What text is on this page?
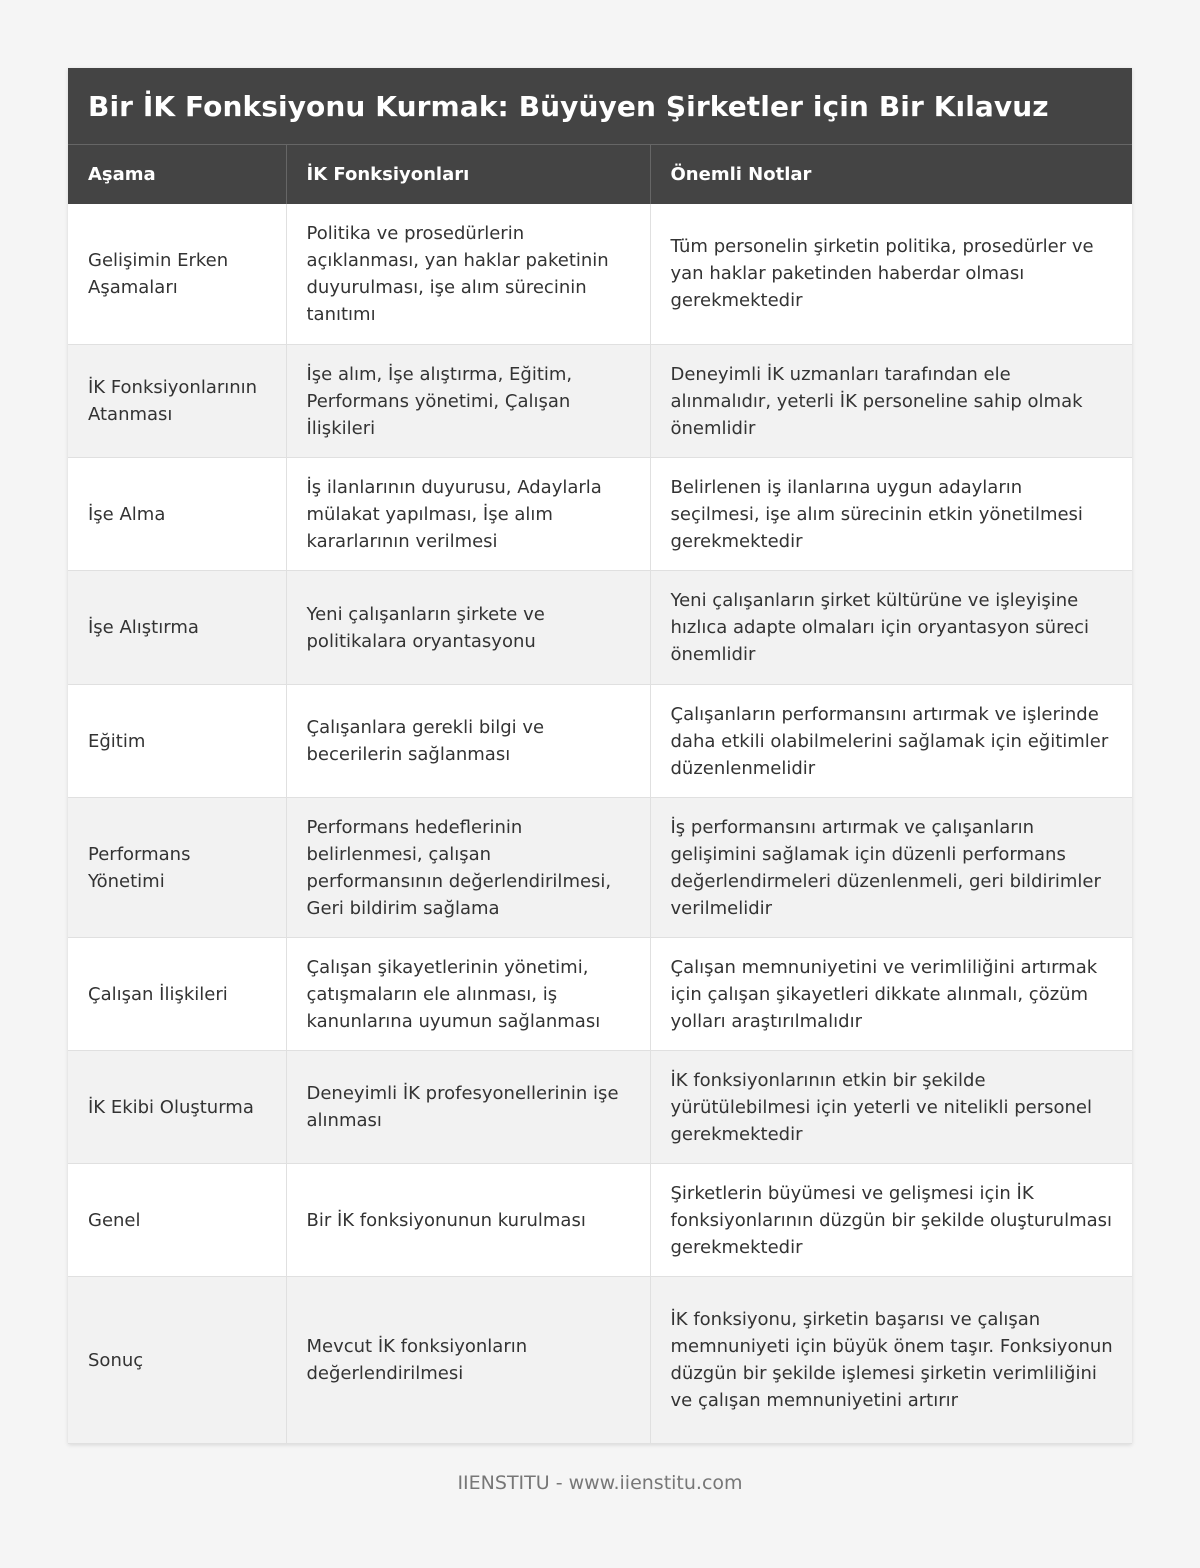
Bir İK Fonksiyonu Kurmak: Büyüyen Şirketler için Bir Kılavuz
Aşama	İK Fonksiyonları	Önemli Notlar
Gelişimin Erken Aşamaları	Politika ve prosedürlerin açıklanması, yan haklar paketinin duyurulması, işe alım sürecinin tanıtımı	Tüm personelin şirketin politika, prosedürler ve yan haklar paketinden haberdar olması gerekmektedir
İK Fonksiyonlarının Atanması	İşe alım, İşe alıştırma, Eğitim, Performans yönetimi, Çalışan İlişkileri	Deneyimli İK uzmanları tarafından ele alınmalıdır, yeterli İK personeline sahip olmak önemlidir
İşe Alma	İş ilanlarının duyurusu, Adaylarla mülakat yapılması, İşe alım kararlarının verilmesi	Belirlenen iş ilanlarına uygun adayların seçilmesi, işe alım sürecinin etkin yönetilmesi gerekmektedir
İşe Alıştırma	Yeni çalışanların şirkete ve politikalara oryantasyonu	Yeni çalışanların şirket kültürüne ve işleyişine hızlıca adapte olmaları için oryantasyon süreci önemlidir
Eğitim	Çalışanlara gerekli bilgi ve becerilerin sağlanması	Çalışanların performansını artırmak ve işlerinde daha etkili olabilmelerini sağlamak için eğitimler düzenlenmelidir
Performans Yönetimi	Performans hedeflerinin belirlenmesi, çalışan performansının değerlendirilmesi, Geri bildirim sağlama	İş performansını artırmak ve çalışanların gelişimini sağlamak için düzenli performans değerlendirmeleri düzenlenmeli, geri bildirimler verilmelidir
Çalışan İlişkileri	Çalışan şikayetlerinin yönetimi, çatışmaların ele alınması, iş kanunlarına uyumun sağlanması	Çalışan memnuniyetini ve verimliliğini artırmak için çalışan şikayetleri dikkate alınmalı, çözüm yolları araştırılmalıdır
İK Ekibi Oluşturma	Deneyimli İK profesyonellerinin işe alınması	İK fonksiyonlarının etkin bir şekilde yürütülebilmesi için yeterli ve nitelikli personel gerekmektedir
Genel	Bir İK fonksiyonunun kurulması	Şirketlerin büyümesi ve gelişmesi için İK fonksiyonlarının düzgün bir şekilde oluşturulması gerekmektedir
Sonuç	Mevcut İK fonksiyonların değerlendirilmesi	İK fonksiyonu, şirketin başarısı ve çalışan memnuniyeti için büyük önem taşır. Fonksiyonun düzgün bir şekilde işlemesi şirketin verimliliğini ve çalışan memnuniyetini artırır
IIENSTITU - www.iienstitu.com
